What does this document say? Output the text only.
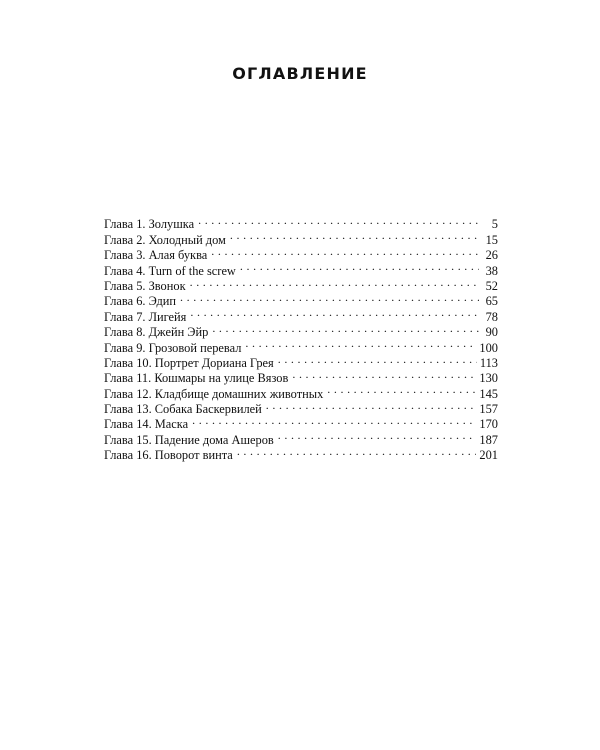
ОГЛАВЛЕНИЕ
Глава 1. Золушка . . .	5
Глава 2. Холодный дом . . .	15
Глава 3. Алая буква . . .	26
Глава 4. Turn of the screw . . .	38
Глава 5. Звонок . . .	52
Глава 6. Эдип . . .	65
Глава 7. Лигейя . . .	78
Глава 8. Джейн Эйр . . .	90
Глава 9. Грозовой перевал . . .	100
Глава 10. Портрет Дориана Грея . . .	113
Глава 11. Кошмары на улице Вязов . . .	130
Глава 12. Кладбище домашних животных . . .	145
Глава 13. Собака Баскервилей . . .	157
Глава 14. Маска . . .	170
Глава 15. Падение дома Ашеров . . .	187
Глава 16. Поворот винта . . .	201
